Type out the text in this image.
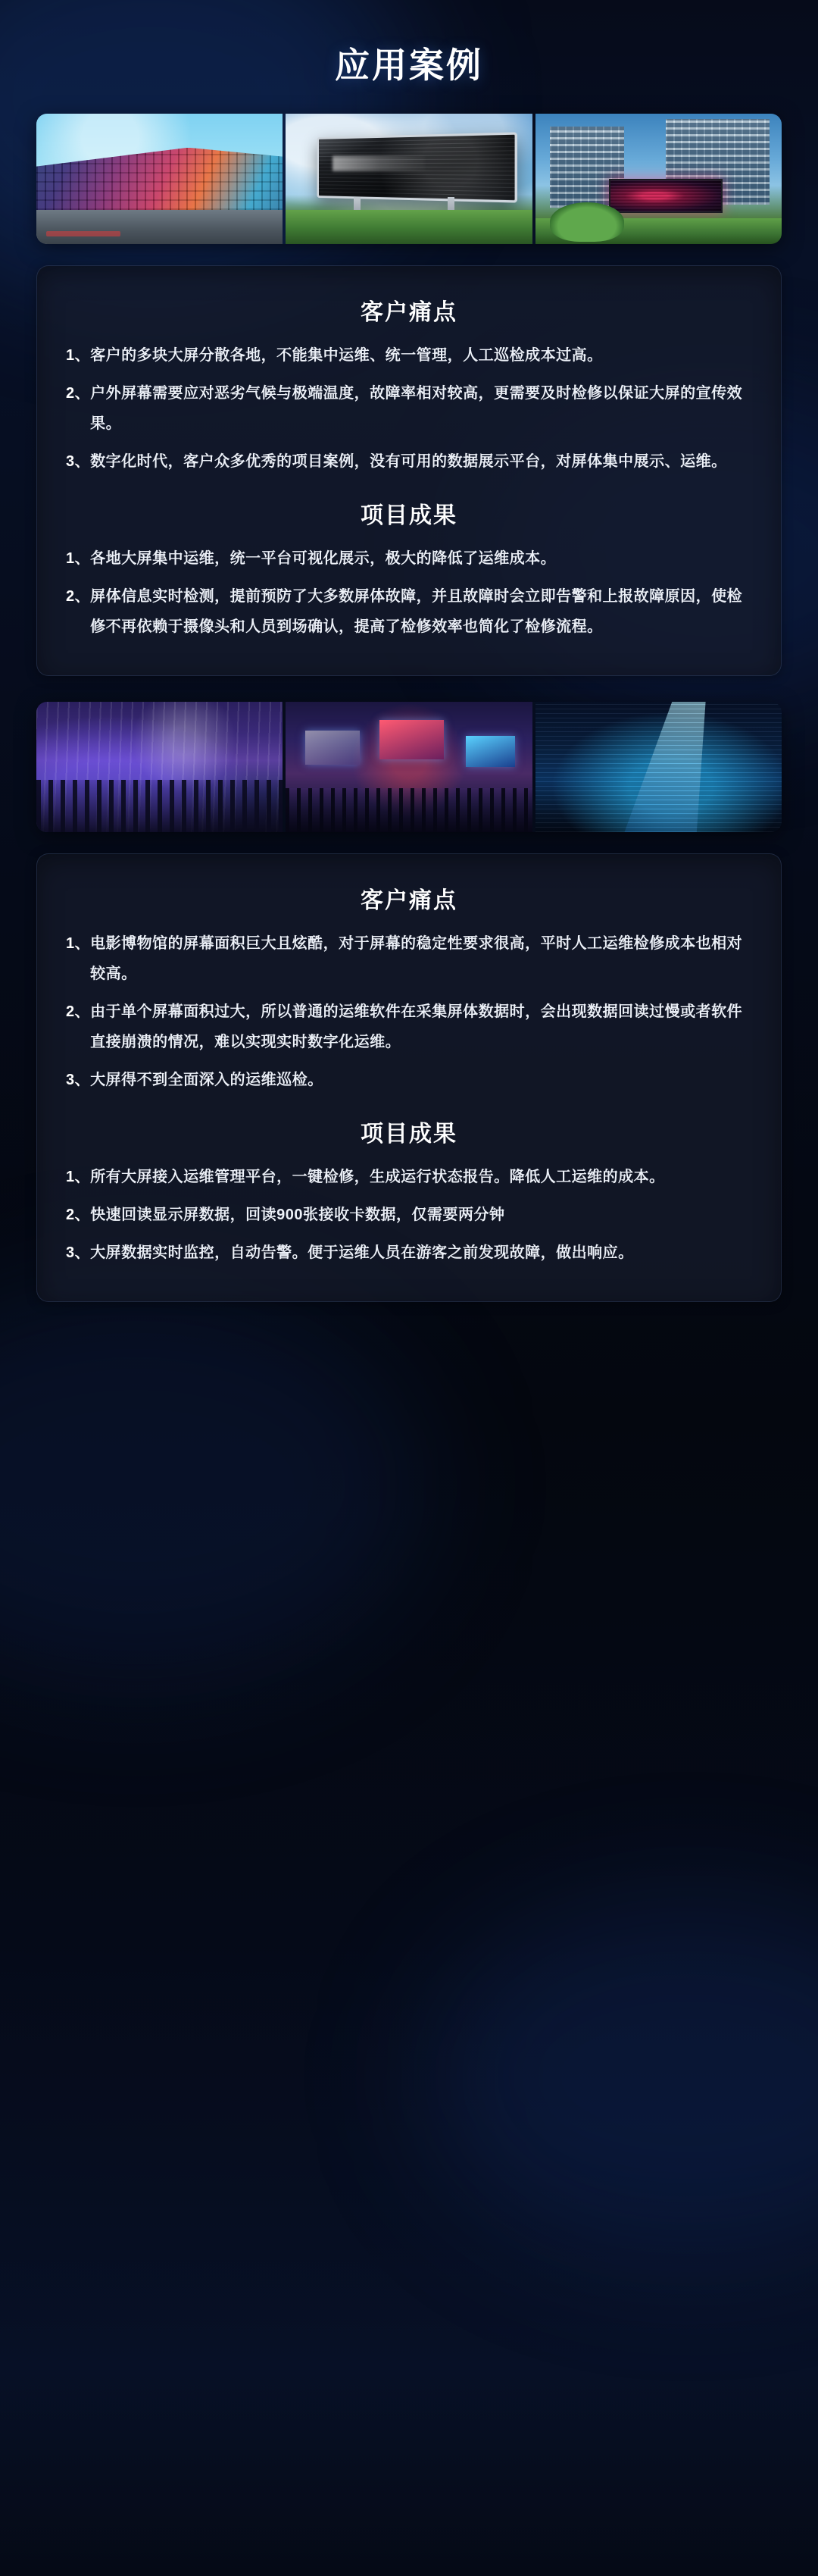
应用案例
客户痛点
1、 客户的多块大屏分散各地，不能集中运维、统一管理，人工巡检成本过高。
2、 户外屏幕需要应对恶劣气候与极端温度，故障率相对较高，更需要及时检修以保证大屏的宣传效果。
3、 数字化时代，客户众多优秀的项目案例，没有可用的数据展示平台，对屏体集中展示、运维。
项目成果
1、 各地大屏集中运维，统一平台可视化展示，极大的降低了运维成本。
2、 屏体信息实时检测，提前预防了大多数屏体故障，并且故障时会立即告警和上报故障原因，使检修不再依赖于摄像头和人员到场确认，提高了检修效率也简化了检修流程。
客户痛点
1、 电影博物馆的屏幕面积巨大且炫酷，对于屏幕的稳定性要求很高，平时人工运维检修成本也相对较高。
2、 由于单个屏幕面积过大，所以普通的运维软件在采集屏体数据时，会出现数据回读过慢或者软件直接崩溃的情况，难以实现实时数字化运维。
3、 大屏得不到全面深入的运维巡检。
项目成果
1、 所有大屏接入运维管理平台，一键检修，生成运行状态报告。降低人工运维的成本。
2、 快速回读显示屏数据，回读900张接收卡数据，仅需要两分钟
3、 大屏数据实时监控，自动告警。便于运维人员在游客之前发现故障，做出响应。
